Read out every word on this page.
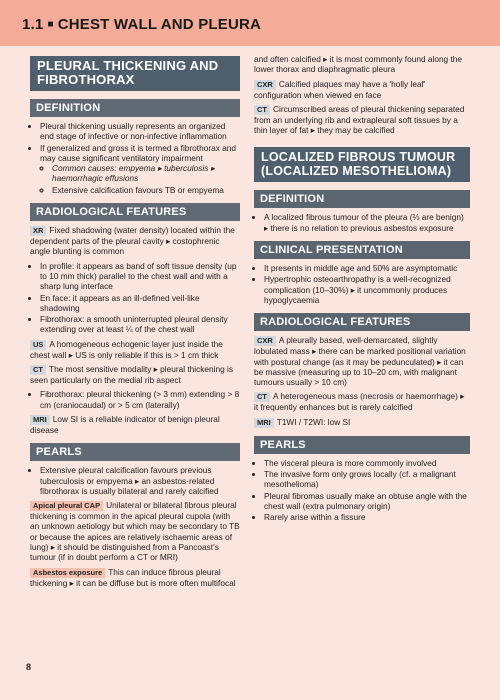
1.1 ■ CHEST WALL AND PLEURA
PLEURAL THICKENING AND FIBROTHORAX
DEFINITION
• Pleural thickening usually represents an organized end stage of infective or non-infective inflammation
• If generalized and gross it is termed a fibrothorax and may cause significant ventilatory impairment
◦ Common causes: empyema ▸ tuberculosis ▸ haemorrhagic effusions
◦ Extensive calcification favours TB or empyema
RADIOLOGICAL FEATURES

XR Fixed shadowing (water density) located within the dependent parts of the pleural cavity ▸ costophrenic angle blunting is common

• In profile: it appears as band of soft tissue density (up to 10 mm thick) parallel to the chest wall and with a sharp lung interface
• En face: it appears as an ill-defined veil-like shadowing
• Fibrothorax: a smooth uninterrupted pleural density extending over at least ¼ of the chest wall

US A homogeneous echogenic layer just inside the chest wall ▸ US is only reliable if this is > 1 cm thick

CT The most sensitive modality ▸ pleural thickening is seen particularly on the medial rib aspect

• Fibrothorax: pleural thickening (> 3 mm) extending > 8 cm (craniocaudal) or > 5 cm (laterally)

MRI Low SI is a reliable indicator of benign pleural disease

PEARLS
• Extensive pleural calcification favours previous tuberculosis or empyema ▸ an asbestos-related fibrothorax is usually bilateral and rarely calcified

Apical pleural CAP Unilateral or bilateral fibrous pleural thickening is common in the apical pleural cupola (with an unknown aetiology but which may be secondary to TB or because the apices are relatively ischaemic areas of lung) ▸ it should be distinguished from a Pancoast's tumour (if in doubt perform a CT or MRI)

Asbestos exposure This can induce fibrous pleural thickening ▸ it can be diffuse but is more often multifocal

and often calcified ▸ it is most commonly found along the lower thorax and diaphragmatic pleura

CXR Calcified plaques may have a 'holly leaf' configuration when viewed en face

CT Circumscribed areas of pleural thickening separated from an underlying rib and extrapleural soft tissues by a thin layer of fat ▸ they may be calcified

LOCALIZED FIBROUS TUMOUR (LOCALIZED MESOTHELIOMA)
DEFINITION
• A localized fibrous tumour of the pleura (⅔ are benign) ▸ there is no relation to previous asbestos exposure
CLINICAL PRESENTATION
• It presents in middle age and 50% are asymptomatic
• Hypertrophic osteoarthropathy is a well-recognized complication (10–30%) ▸ it uncommonly produces hypoglycaemia
RADIOLOGICAL FEATURES

CXR A pleurally based, well-demarcated, slightly lobulated mass ▸ there can be marked positional variation with postural change (as it may be pedunculated) ▸ it can be massive (measuring up to 10–20 cm, with malignant tumours usually > 10 cm)

CT A heterogeneous mass (necrosis or haemorrhage) ▸ it frequently enhances but is rarely calcified

MRI T1WI / T2WI: low SI

PEARLS
• The visceral pleura is more commonly involved
• The invasive form only grows locally (cf. a malignant mesothelioma)
• Pleural fibromas usually make an obtuse angle with the chest wall (extra pulmonary origin)
• Rarely arise within a fissure
8
